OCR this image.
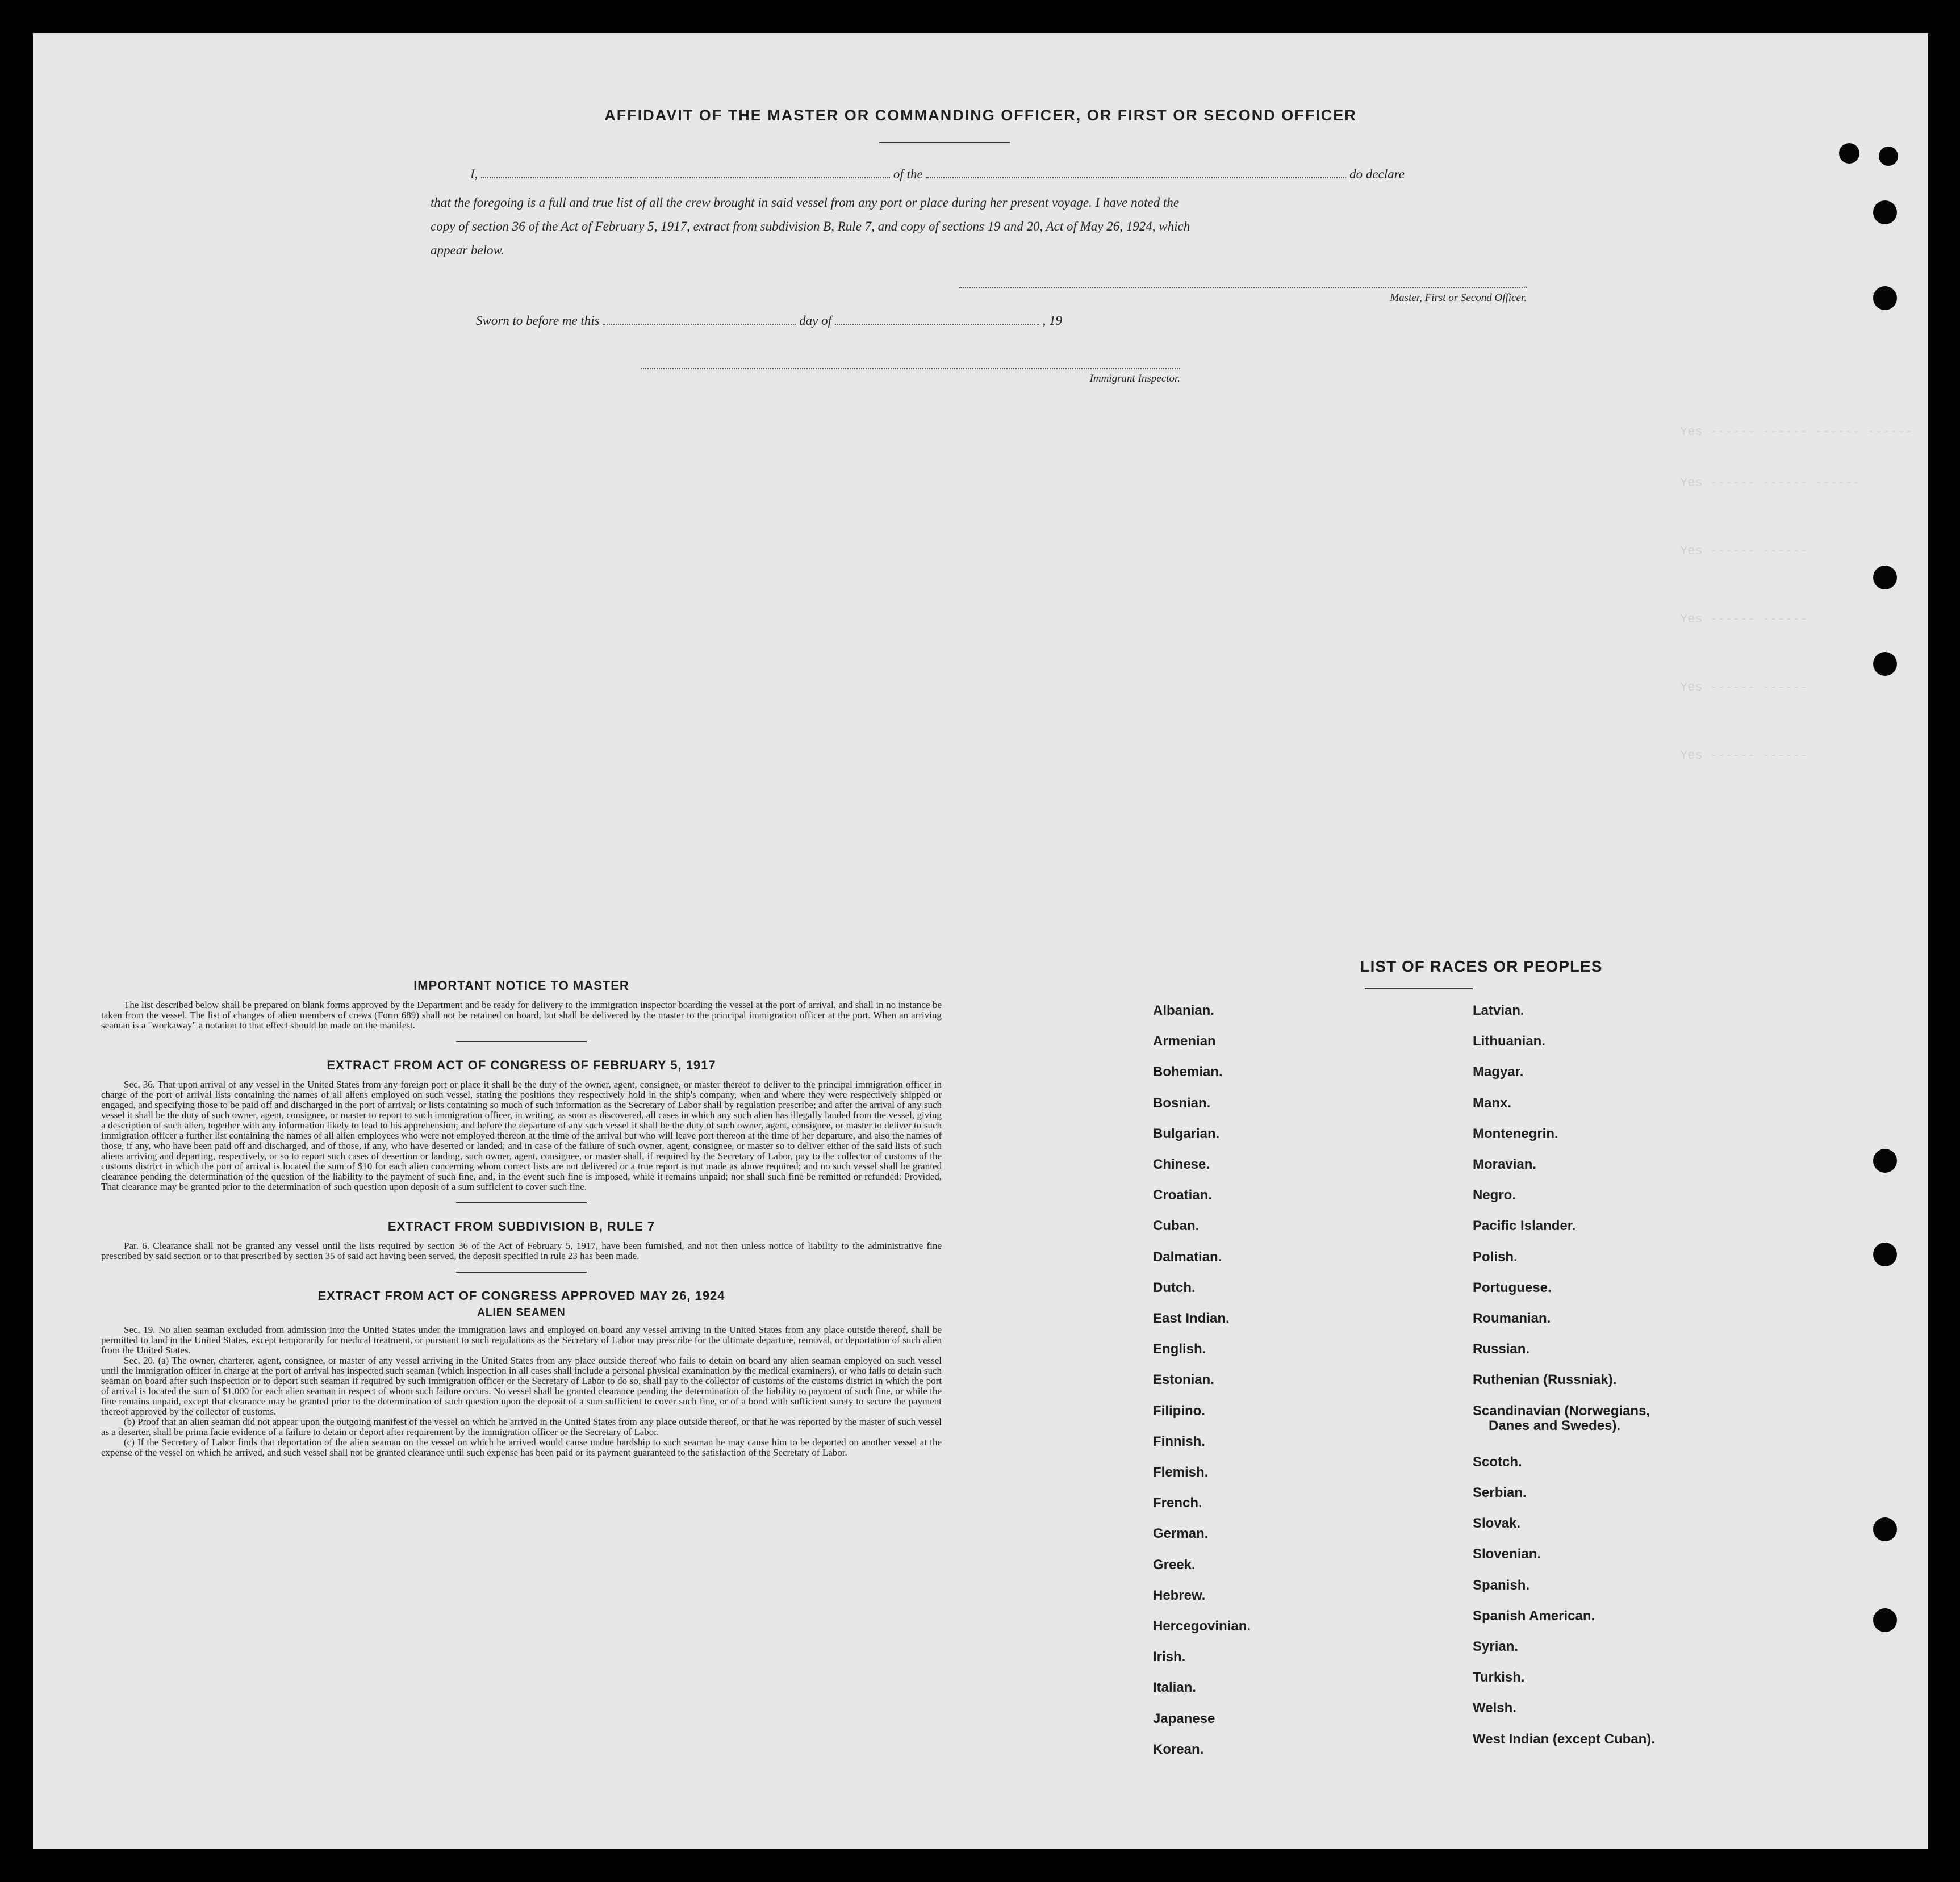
Yes ------ ------ ------ ------
Yes ------ ------ ------
Yes ------ ------
Yes ------ ------
Yes ------ ------
Yes ------ ------
AFFIDAVIT OF THE MASTER OR COMMANDING OFFICER, OR FIRST OR SECOND OFFICER
I,	of the	do declare
that the foregoing is a full and true list of all the crew brought in said vessel from any port or place during her present voyage. I have noted the
copy of section 36 of the Act of February 5, 1917, extract from subdivision B, Rule 7, and copy of sections 19 and 20, Act of May 26, 1924, which
appear below.
Master, First or Second Officer.
Sworn to before me this	day of	, 19
Immigrant Inspector.
IMPORTANT NOTICE TO MASTER
The list described below shall be prepared on blank forms approved by the Department and be ready for delivery to the immigration inspector boarding the vessel at the port of arrival, and shall in no instance be taken from the vessel. The list of changes of alien members of crews (Form 689) shall not be retained on board, but shall be delivered by the master to the principal immigration officer at the port. When an arriving seaman is a "workaway" a notation to that effect should be made on the manifest.
EXTRACT FROM ACT OF CONGRESS OF FEBRUARY 5, 1917
Sec. 36. That upon arrival of any vessel in the United States from any foreign port or place it shall be the duty of the owner, agent, consignee, or master thereof to deliver to the principal immigration officer in charge of the port of arrival lists containing the names of all aliens employed on such vessel, stating the positions they respectively hold in the ship's company, when and where they were respectively shipped or engaged, and specifying those to be paid off and discharged in the port of arrival; or lists containing so much of such information as the Secretary of Labor shall by regulation prescribe; and after the arrival of any such vessel it shall be the duty of such owner, agent, consignee, or master to report to such immigration officer, in writing, as soon as discovered, all cases in which any such alien has illegally landed from the vessel, giving a description of such alien, together with any information likely to lead to his apprehension; and before the departure of any such vessel it shall be the duty of such owner, agent, consignee, or master to deliver to such immigration officer a further list containing the names of all alien employees who were not employed thereon at the time of the arrival but who will leave port thereon at the time of her departure, and also the names of those, if any, who have been paid off and discharged, and of those, if any, who have deserted or landed; and in case of the failure of such owner, agent, consignee, or master so to deliver either of the said lists of such aliens arriving and departing, respectively, or so to report such cases of desertion or landing, such owner, agent, consignee, or master shall, if required by the Secretary of Labor, pay to the collector of customs of the customs district in which the port of arrival is located the sum of $10 for each alien concerning whom correct lists are not delivered or a true report is not made as above required; and no such vessel shall be granted clearance pending the determination of the question of the liability to the payment of such fine, and, in the event such fine is imposed, while it remains unpaid; nor shall such fine be remitted or refunded: Provided, That clearance may be granted prior to the determination of such question upon deposit of a sum sufficient to cover such fine.
EXTRACT FROM SUBDIVISION B, RULE 7
Par. 6. Clearance shall not be granted any vessel until the lists required by section 36 of the Act of February 5, 1917, have been furnished, and not then unless notice of liability to the administrative fine prescribed by said section or to that prescribed by section 35 of said act having been served, the deposit specified in rule 23 has been made.
EXTRACT FROM ACT OF CONGRESS APPROVED MAY 26, 1924
ALIEN SEAMEN
Sec. 19. No alien seaman excluded from admission into the United States under the immigration laws and employed on board any vessel arriving in the United States from any place outside thereof, shall be permitted to land in the United States, except temporarily for medical treatment, or pursuant to such regulations as the Secretary of Labor may prescribe for the ultimate departure, removal, or deportation of such alien from the United States.
Sec. 20. (a) The owner, charterer, agent, consignee, or master of any vessel arriving in the United States from any place outside thereof who fails to detain on board any alien seaman employed on such vessel until the immigration officer in charge at the port of arrival has inspected such seaman (which inspection in all cases shall include a personal physical examination by the medical examiners), or who fails to detain such seaman on board after such inspection or to deport such seaman if required by such immigration officer or the Secretary of Labor to do so, shall pay to the collector of customs of the customs district in which the port of arrival is located the sum of $1,000 for each alien seaman in respect of whom such failure occurs. No vessel shall be granted clearance pending the determination of the liability to payment of such fine, or while the fine remains unpaid, except that clearance may be granted prior to the determination of such question upon the deposit of a sum sufficient to cover such fine, or of a bond with sufficient surety to secure the payment thereof approved by the collector of customs.
(b) Proof that an alien seaman did not appear upon the outgoing manifest of the vessel on which he arrived in the United States from any place outside thereof, or that he was reported by the master of such vessel as a deserter, shall be prima facie evidence of a failure to detain or deport after requirement by the immigration officer or the Secretary of Labor.
(c) If the Secretary of Labor finds that deportation of the alien seaman on the vessel on which he arrived would cause undue hardship to such seaman he may cause him to be deported on another vessel at the expense of the vessel on which he arrived, and such vessel shall not be granted clearance until such expense has been paid or its payment guaranteed to the satisfaction of the Secretary of Labor.
LIST OF RACES OR PEOPLES
Albanian.
Armenian
Bohemian.
Bosnian.
Bulgarian.
Chinese.
Croatian.
Cuban.
Dalmatian.
Dutch.
East Indian.
English.
Estonian.
Filipino.
Finnish.
Flemish.
French.
German.
Greek.
Hebrew.
Hercegovinian.
Irish.
Italian.
Japanese
Korean.
Latvian.
Lithuanian.
Magyar.
Manx.
Montenegrin.
Moravian.
Negro.
Pacific Islander.
Polish.
Portuguese.
Roumanian.
Russian.
Ruthenian (Russniak).
Scandinavian (Norwegians,
Danes and Swedes).
Scotch.
Serbian.
Slovak.
Slovenian.
Spanish.
Spanish American.
Syrian.
Turkish.
Welsh.
West Indian (except Cuban).
